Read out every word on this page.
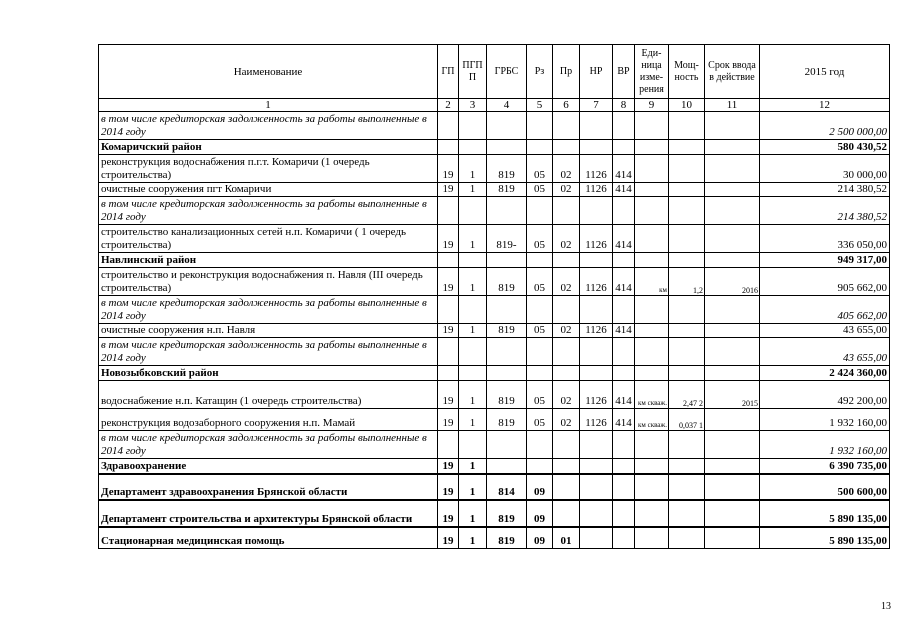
Наименование	ГП	ПГП П	ГРБС	Рз	Пр	НР	ВР	Еди-ница изме-рения	Мощ-ность	Срок ввода в действие	2015 год
1	2	3	4	5	6	7	8	9	10	11	12
в том числе кредиторская задолженность за работы выполненные в 2014 году											2 500 000,00
Комаричский район											580 430,52
реконструкция водоснабжения п.г.т. Комаричи (1 очередь строительства)	19	1	819	05	02	1126	414				30 000,00
очистные сооружения пгт Комаричи	19	1	819	05	02	1126	414				214 380,52
в том числе кредиторская задолженность за работы выполненные в 2014 году											214 380,52
строительство канализационных сетей н.п. Комаричи ( 1 очередь строительства)	19	1	819-	05	02	1126	414				336 050,00
Навлинский район											949 317,00
строительство и реконструкция водоснабжения п. Навля (III очередь строительства)	19	1	819	05	02	1126	414	км	1,2	2016	905 662,00
в том числе кредиторская задолженность за работы выполненные в 2014 году											405 662,00
очистные сооружения н.п. Навля	19	1	819	05	02	1126	414				43 655,00
в том числе кредиторская задолженность за работы выполненные в 2014 году											43 655,00
Новозыбковский район											2 424 360,00
водоснабжение н.п. Катащин (1 очередь строительства)	19	1	819	05	02	1126	414	км скваж.	2,47 2	2015	492 200,00
реконструкция водозаборного сооружения н.п. Мамай	19	1	819	05	02	1126	414	км скваж.	0,037 1		1 932 160,00
в том числе кредиторская задолженность за работы выполненные в 2014 году											1 932 160,00
Здравоохранение	19	1									6 390 735,00
Департамент здравоохранения Брянской области	19	1	814	09							500 600,00
Департамент строительства и архитектуры Брянской области	19	1	819	09							5 890 135,00
Стационарная медицинская помощь	19	1	819	09	01						5 890 135,00
13
